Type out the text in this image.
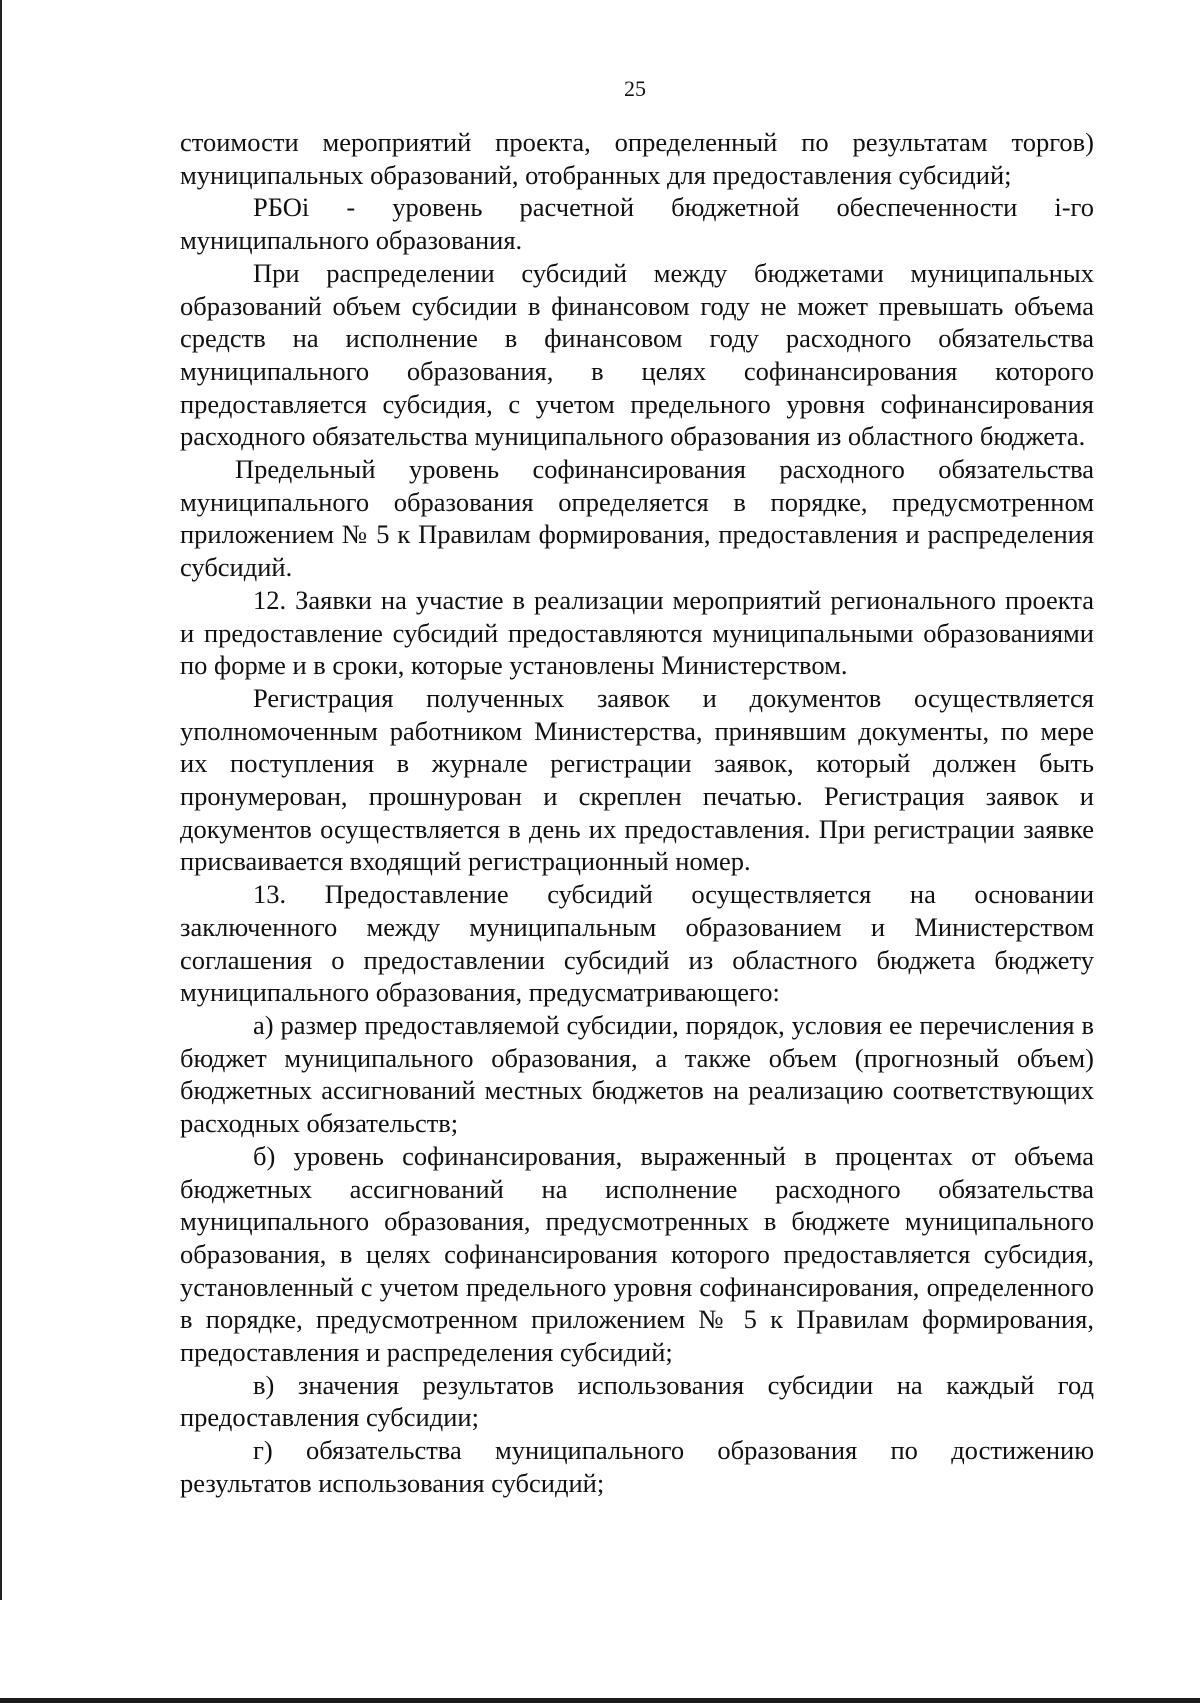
25

стоимости мероприятий проекта, определенный по результатам торгов) муниципальных образований, отобранных для предоставления субсидий;

РБОi - уровень расчетной бюджетной обеспеченности i-го муниципального образования.

При распределении субсидий между бюджетами муниципальных образований объем субсидии в финансовом году не может превышать объема средств на исполнение в финансовом году расходного обязательства муниципального образования, в целях софинансирования которого предоставляется субсидия, с учетом предельного уровня софинансирования расходного обязательства муниципального образования из областного бюджета.

Предельный уровень софинансирования расходного обязательства муниципального образования определяется в порядке, предусмотренном приложением № 5 к Правилам формирования, предоставления и распределения субсидий.

12. Заявки на участие в реализации мероприятий регионального проекта и предоставление субсидий предоставляются муниципальными образованиями по форме и в сроки, которые установлены Министерством.

Регистрация полученных заявок и документов осуществляется уполномоченным работником Министерства, принявшим документы, по мере их поступления в журнале регистрации заявок, который должен быть пронумерован, прошнурован и скреплен печатью. Регистрация заявок и документов осуществляется в день их предоставления. При регистрации заявке присваивается входящий регистрационный номер.

13. Предоставление субсидий осуществляется на основании заключенного между муниципальным образованием и Министерством соглашения о предоставлении субсидий из областного бюджета бюджету муниципального образования, предусматривающего:

а) размер предоставляемой субсидии, порядок, условия ее перечисления в бюджет муниципального образования, а также объем (прогнозный объем) бюджетных ассигнований местных бюджетов на реализацию соответствующих расходных обязательств;

б) уровень софинансирования, выраженный в процентах от объема бюджетных ассигнований на исполнение расходного обязательства муниципального образования, предусмотренных в бюджете муниципального образования, в целях софинансирования которого предоставляется субсидия, установленный с учетом предельного уровня софинансирования, определенного в порядке, предусмотренном приложением № 5 к Правилам формирования, предоставления и распределения субсидий;

в) значения результатов использования субсидии на каждый год предоставления субсидии;

г) обязательства муниципального образования по достижению результатов использования субсидий;
